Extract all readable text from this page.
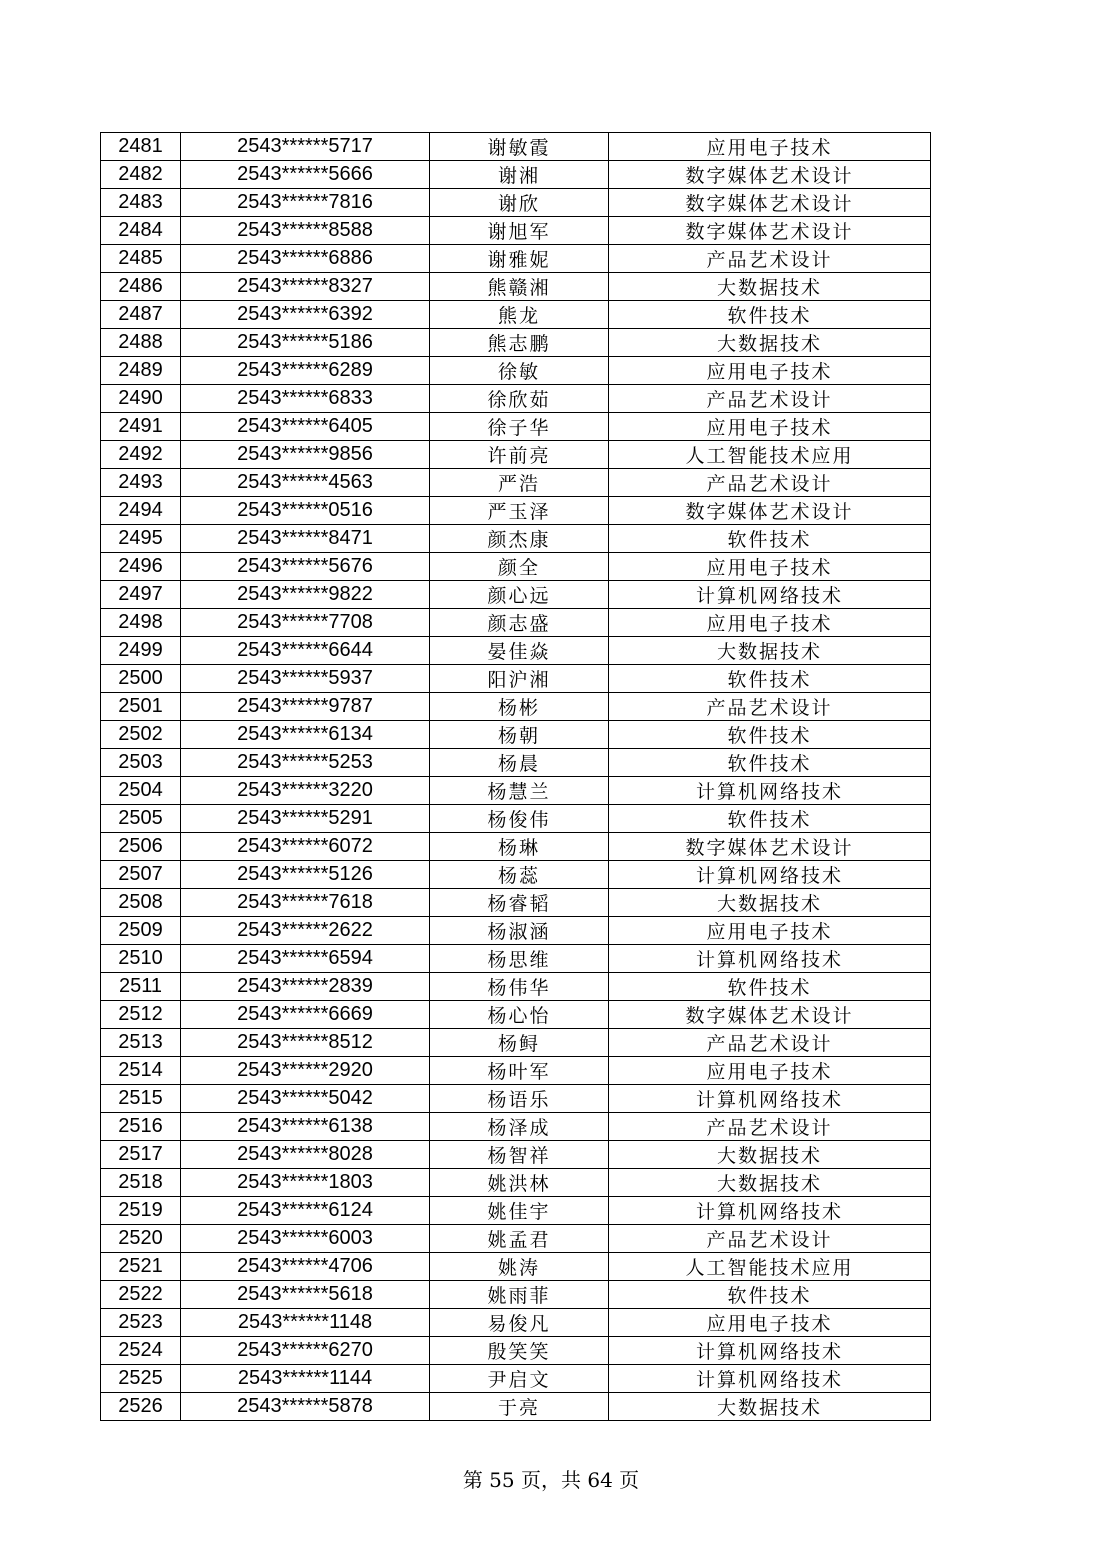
2481	2543******5717	谢敏霞	应用电子技术
2482	2543******5666	谢湘	数字媒体艺术设计
2483	2543******7816	谢欣	数字媒体艺术设计
2484	2543******8588	谢旭军	数字媒体艺术设计
2485	2543******6886	谢雅妮	产品艺术设计
2486	2543******8327	熊赣湘	大数据技术
2487	2543******6392	熊龙	软件技术
2488	2543******5186	熊志鹏	大数据技术
2489	2543******6289	徐敏	应用电子技术
2490	2543******6833	徐欣茹	产品艺术设计
2491	2543******6405	徐子华	应用电子技术
2492	2543******9856	许前亮	人工智能技术应用
2493	2543******4563	严浩	产品艺术设计
2494	2543******0516	严玉泽	数字媒体艺术设计
2495	2543******8471	颜杰康	软件技术
2496	2543******5676	颜全	应用电子技术
2497	2543******9822	颜心远	计算机网络技术
2498	2543******7708	颜志盛	应用电子技术
2499	2543******6644	晏佳焱	大数据技术
2500	2543******5937	阳沪湘	软件技术
2501	2543******9787	杨彬	产品艺术设计
2502	2543******6134	杨朝	软件技术
2503	2543******5253	杨晨	软件技术
2504	2543******3220	杨慧兰	计算机网络技术
2505	2543******5291	杨俊伟	软件技术
2506	2543******6072	杨琳	数字媒体艺术设计
2507	2543******5126	杨蕊	计算机网络技术
2508	2543******7618	杨睿韬	大数据技术
2509	2543******2622	杨淑涵	应用电子技术
2510	2543******6594	杨思维	计算机网络技术
2511	2543******2839	杨伟华	软件技术
2512	2543******6669	杨心怡	数字媒体艺术设计
2513	2543******8512	杨鲟	产品艺术设计
2514	2543******2920	杨叶军	应用电子技术
2515	2543******5042	杨语乐	计算机网络技术
2516	2543******6138	杨泽成	产品艺术设计
2517	2543******8028	杨智祥	大数据技术
2518	2543******1803	姚洪林	大数据技术
2519	2543******6124	姚佳宇	计算机网络技术
2520	2543******6003	姚孟君	产品艺术设计
2521	2543******4706	姚涛	人工智能技术应用
2522	2543******5618	姚雨菲	软件技术
2523	2543******1148	易俊凡	应用电子技术
2524	2543******6270	殷笑笑	计算机网络技术
2525	2543******1144	尹启文	计算机网络技术
2526	2543******5878	于亮	大数据技术
第 55 页，共 64 页
